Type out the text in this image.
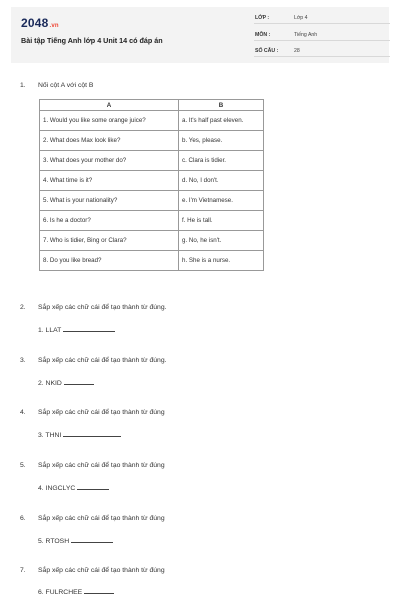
2048.vn
Bài tập Tiếng Anh lớp 4 Unit 14 có đáp án
LỚP :	Lớp 4
MÔN :	Tiếng Anh
SỐ CÂU :	28
1. Nối cột A với cột B
A	B
1. Would you like some orange juice?	a. It's half past eleven.
2. What does Max look like?	b. Yes, please.
3. What does your mother do?	c. Clara is tidier.
4. What time is it?	d. No, I don't.
5. What is your nationality?	e. I'm Vietnamese.
6. Is he a doctor?	f. He is tall.
7. Who is tidier, Bing or Clara?	g. No, he isn't.
8. Do you like bread?	h. She is a nurse.
2. Sắp xếp các chữ cái để tạo thành từ đúng.
1. LLAT
3. Sắp xếp các chữ cái để tạo thành từ đúng.
2. NKID
4. Sắp xếp các chữ cái để tạo thành từ đúng
3. THNI
5. Sắp xếp các chữ cái để tạo thành từ đúng
4. INGCLYC
6. Sắp xếp các chữ cái để tạo thành từ đúng
5. RTOSH
7. Sắp xếp các chữ cái để tạo thành từ đúng
6. FULRCHEE
